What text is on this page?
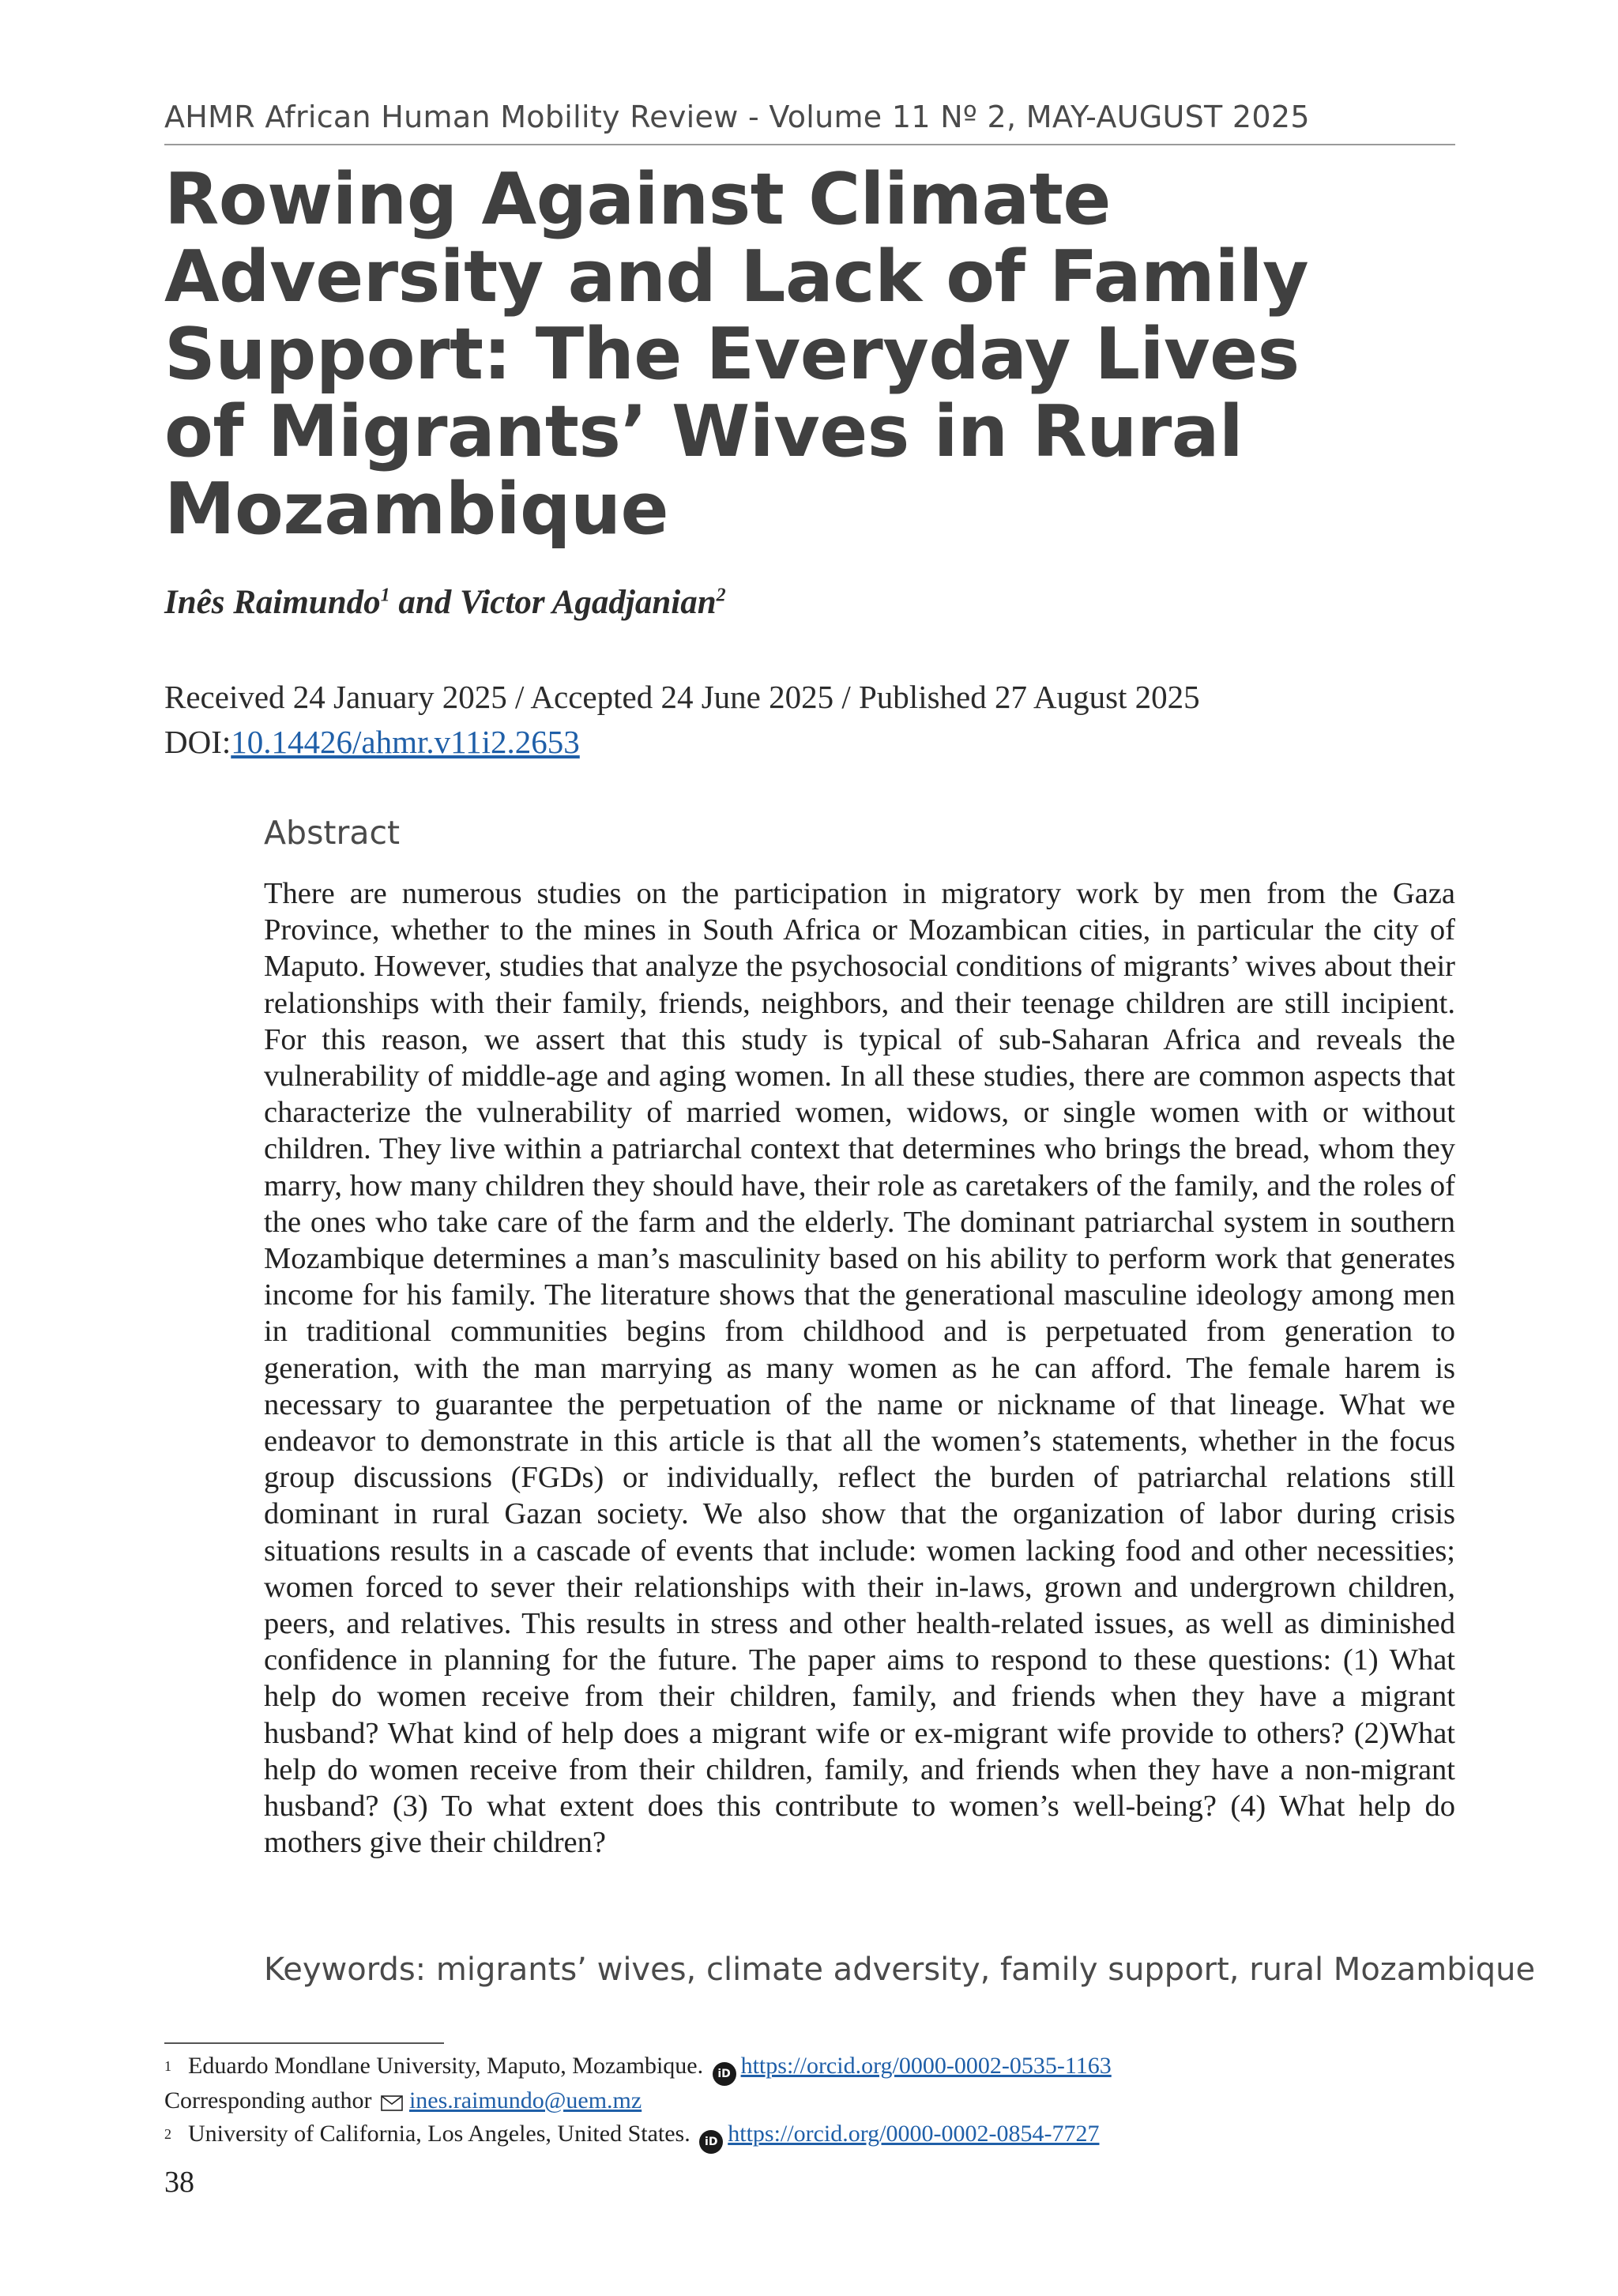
AHMR African Human Mobility Review - Volume 11 Nº 2, MAY-AUGUST 2025
Rowing Against Climate Adversity and Lack of Family Support: The Everyday Lives of Migrants’ Wives in Rural Mozambique
Inês Raimundo$^1$ and Victor Agadjanian$^2$
Received 24 January 2025 / Accepted 24 June 2025 / Published 27 August 2025
DOI:10.14426/ahmr.v11i2.2653
Abstract

There are numerous studies on the participation in migratory work by men from the Gaza Province, whether to the mines in South Africa or Mozambican cities, in particular the city of Maputo. However, studies that analyze the psychosocial conditions of migrants’ wives about their relationships with their family, friends, neighbors, and their teenage children are still incipient. For this reason, we assert that this study is typical of sub-Saharan Africa and reveals the vulnerability of middle-age and aging women. In all these studies, there are common aspects that characterize the vulnerability of married women, widows, or single women with or without children. They live within a patriarchal context that determines who brings the bread, whom they marry, how many children they should have, their role as caretakers of the family, and the roles of the ones who take care of the farm and the elderly. The dominant patriarchal system in southern Mozambique determines a man’s masculinity based on his ability to perform work that generates income for his family. The literature shows that the generational masculine ideology among men in traditional communities begins from childhood and is perpetuated from generation to generation, with the man marrying as many women as he can afford. The female harem is necessary to guarantee the perpetuation of the name or nickname of that lineage. What we endeavor to demonstrate in this article is that all the women’s statements, whether in the focus group discussions (FGDs) or individually, reflect the burden of patriarchal relations still dominant in rural Gazan society. We also show that the organization of labor during crisis situations results in a cascade of events that include: women lacking food and other necessities; women forced to sever their relationships with their in-laws, grown and undergrown children, peers, and relatives. This results in stress and other health-related issues, as well as diminished confidence in planning for the future. The paper aims to respond to these questions: (1) What help do women receive from their children, family, and friends when they have a migrant husband? What kind of help does a migrant wife or ex-migrant wife provide to others? (2)What help do women receive from their children, family, and friends when they have a non-migrant husband? (3) To what extent does this contribute to women’s well-being? (4) What help do mothers give their children?

Keywords: migrants’ wives, climate adversity, family support, rural Mozambique
1 Eduardo Mondlane University, Maputo, Mozambique. iD https://orcid.org/0000-0002-0535-1163
Corresponding author ines.raimundo@uem.mz
2 University of California, Los Angeles, United States. iD https://orcid.org/0000-0002-0854-7727
38
